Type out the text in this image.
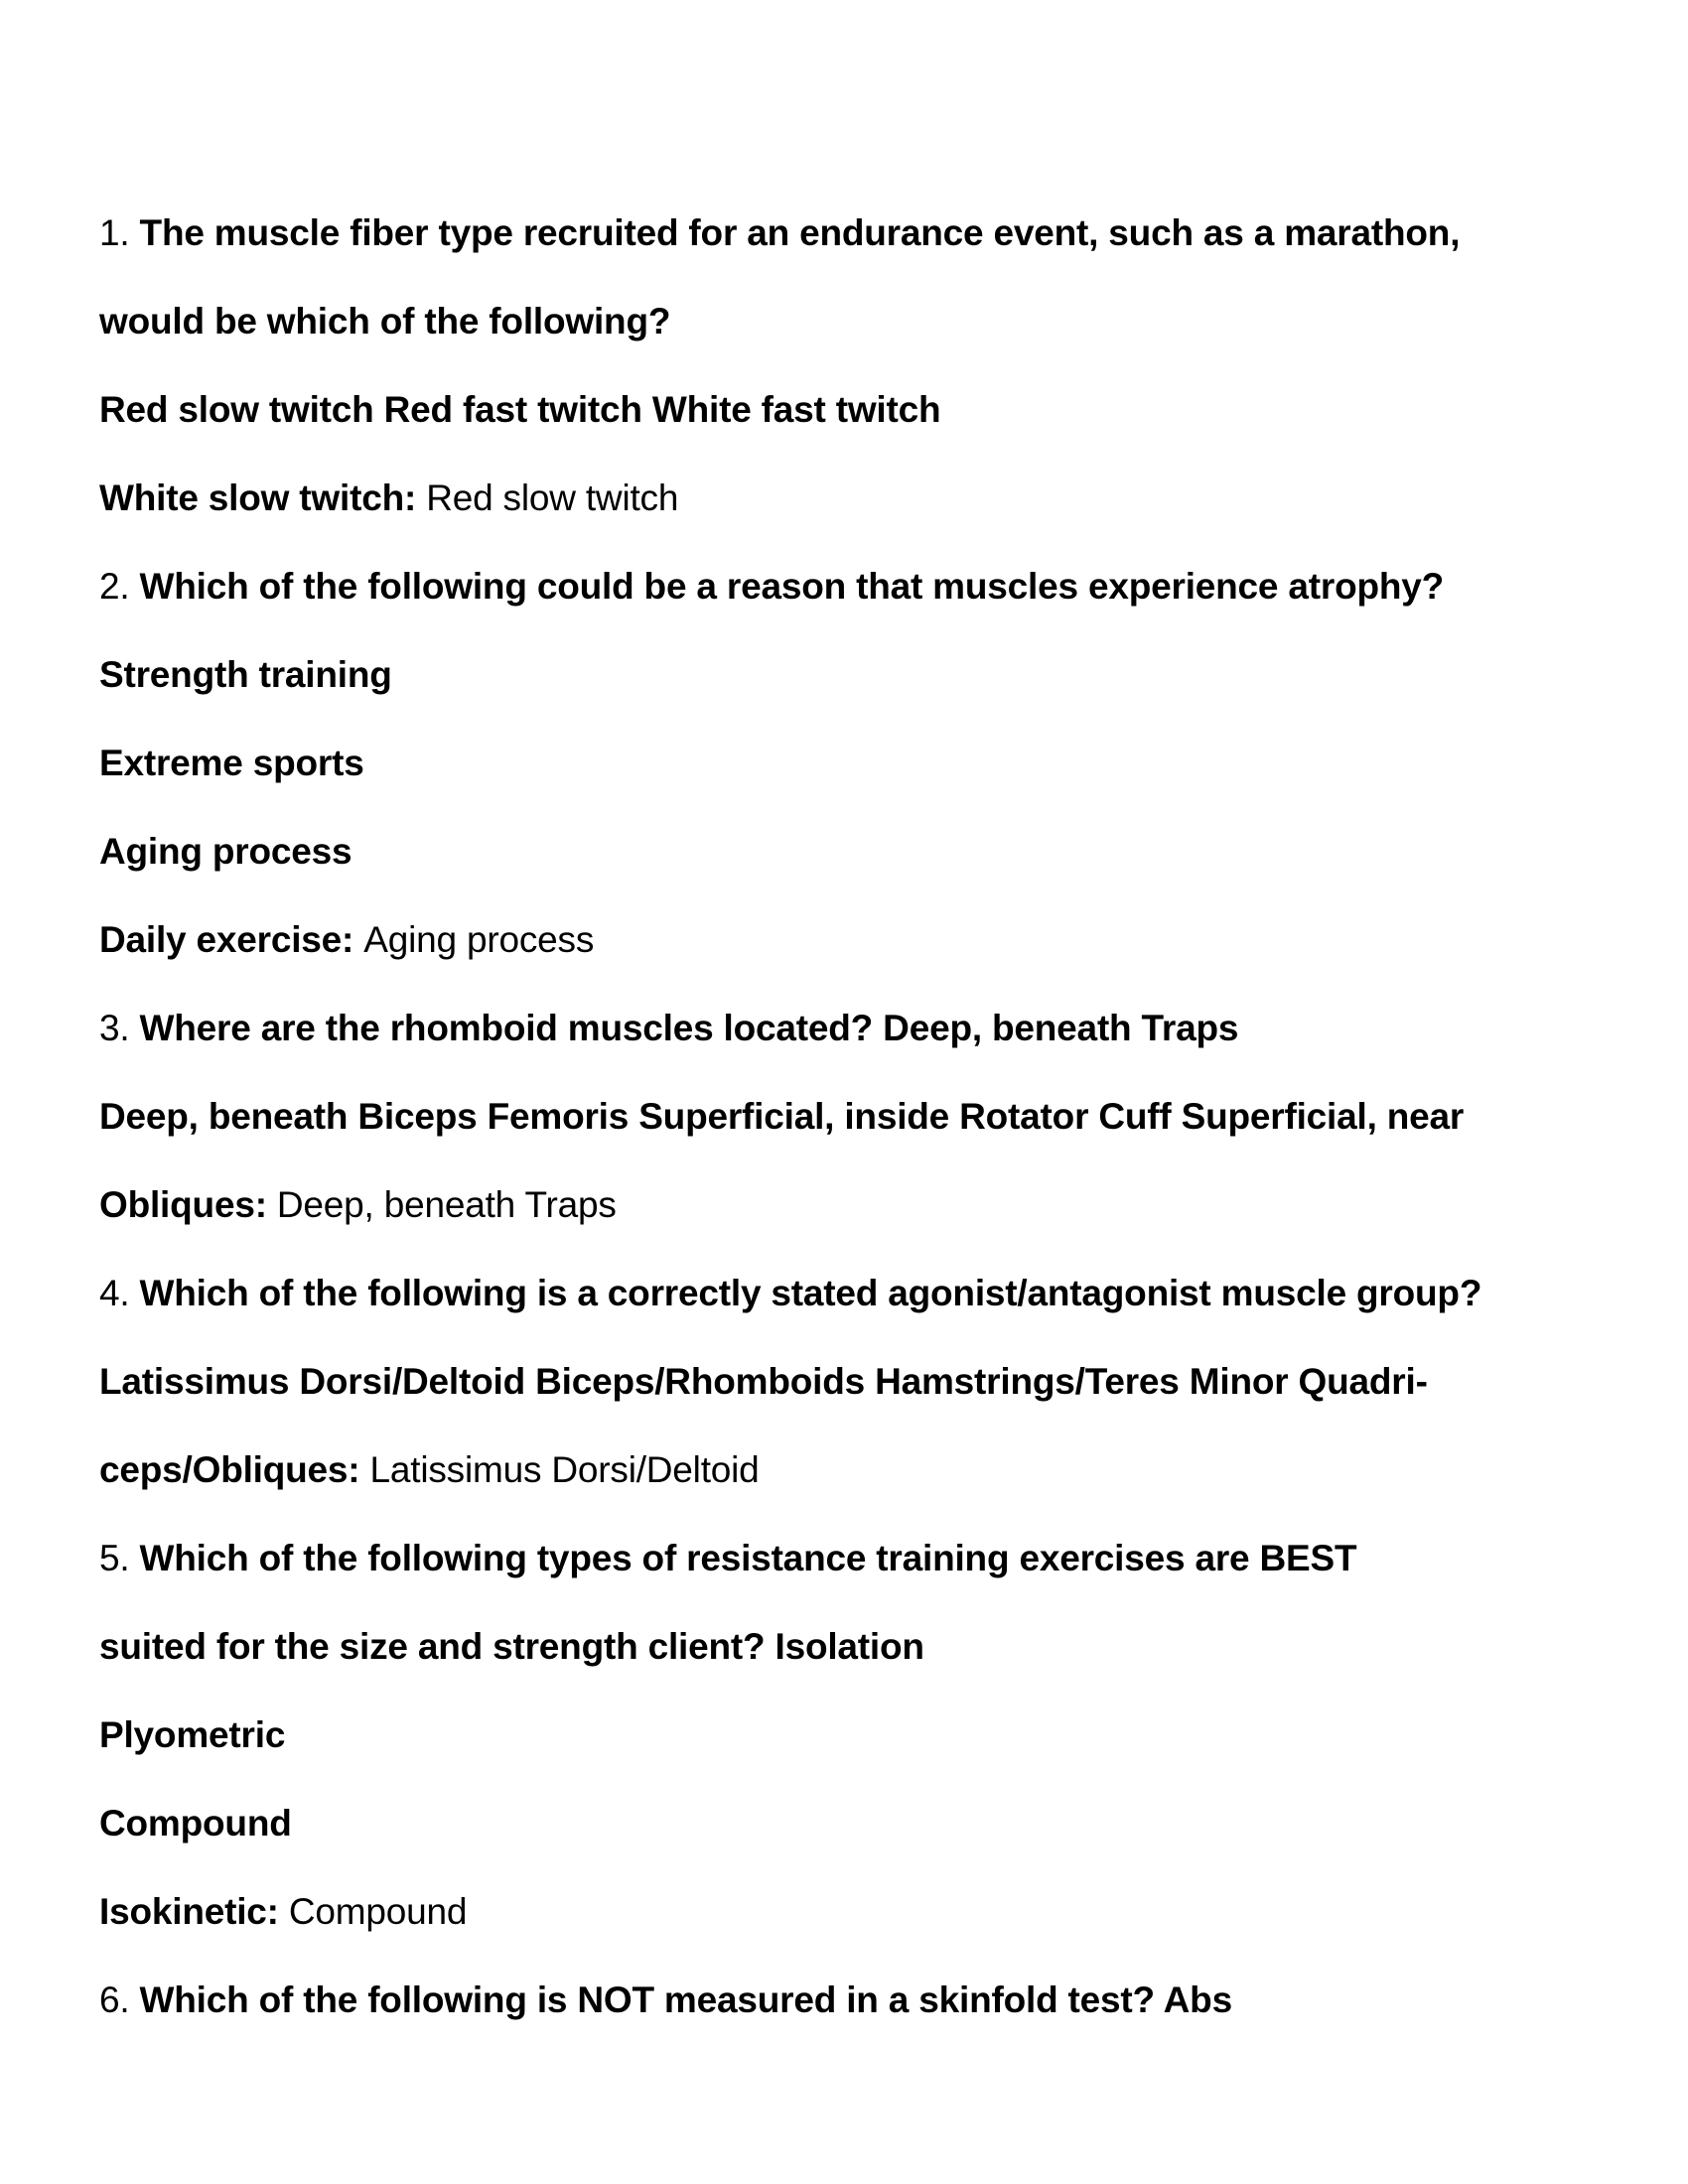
1. The muscle fiber type recruited for an endurance event, such as a marathon,
would be which of the following?
Red slow twitch Red fast twitch White fast twitch
White slow twitch: Red slow twitch
2. Which of the following could be a reason that muscles experience atrophy?
Strength training
Extreme sports
Aging process
Daily exercise: Aging process
3. Where are the rhomboid muscles located? Deep, beneath Traps
Deep, beneath Biceps Femoris Superficial, inside Rotator Cuff Superficial, near
Obliques: Deep, beneath Traps
4. Which of the following is a correctly stated agonist/antagonist muscle group?
Latissimus Dorsi/Deltoid Biceps/Rhomboids Hamstrings/Teres Minor Quadri-
ceps/Obliques: Latissimus Dorsi/Deltoid
5. Which of the following types of resistance training exercises are BEST
suited for the size and strength client? Isolation
Plyometric
Compound
Isokinetic: Compound
6. Which of the following is NOT measured in a skinfold test? Abs
